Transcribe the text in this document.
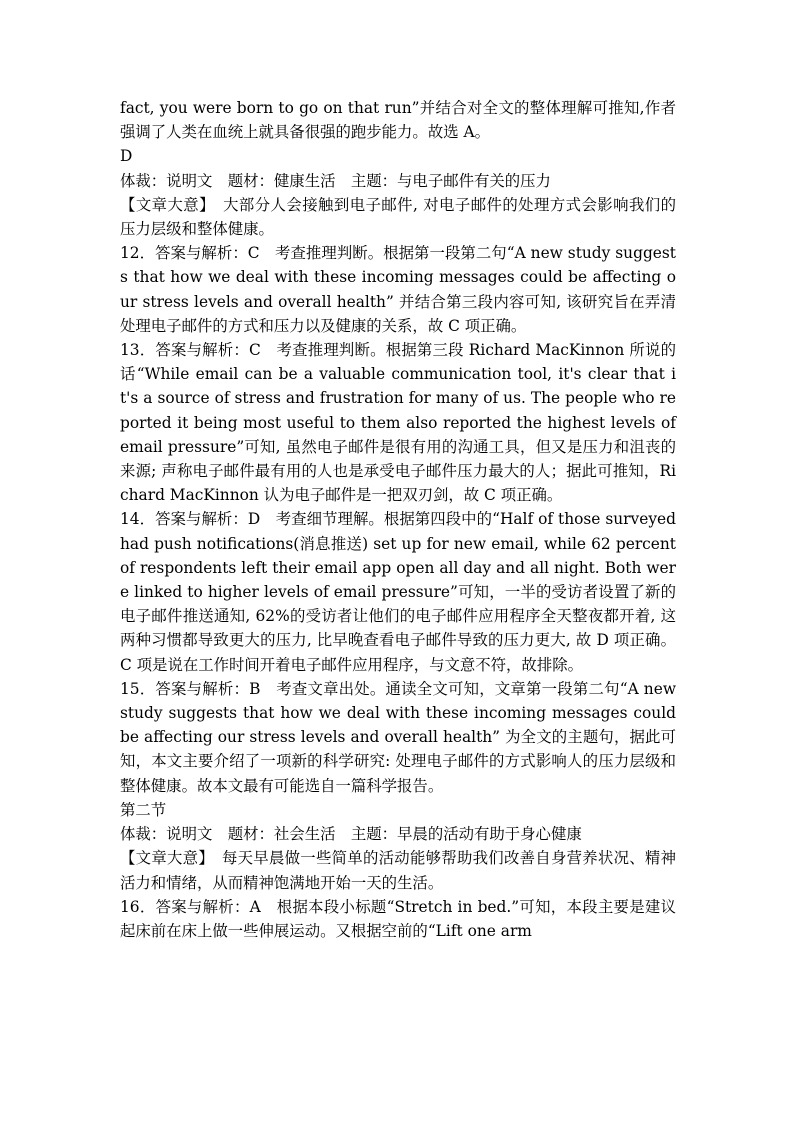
fact, you were born to go on that run”并结合对全文的整体理解可推知,作者强调了人类在血统上就具备很强的跑步能力。故选 A。

D

体裁：说明文　题材：健康生活　主题：与电子邮件有关的压力

【文章大意】　大部分人会接触到电子邮件, 对电子邮件的处理方式会影响我们的压力层级和整体健康。

12．答案与解析：C　考查推理判断。根据第一段第二句“A new study suggests that how we deal with these incoming messages could be affecting our stress levels and overall health” 并结合第三段内容可知, 该研究旨在弄清处理电子邮件的方式和压力以及健康的关系，故 C 项正确。

13．答案与解析：C　考查推理判断。根据第三段 Richard MacKinnon 所说的话“While email can be a valuable communication tool, it's clear that it's a source of stress and frustration for many of us. The people who reported it being most useful to them also reported the highest levels of email pressure”可知, 虽然电子邮件是很有用的沟通工具，但又是压力和沮丧的来源; 声称电子邮件最有用的人也是承受电子邮件压力最大的人；据此可推知，Richard MacKinnon 认为电子邮件是一把双刃剑，故 C 项正确。

14．答案与解析：D　考查细节理解。根据第四段中的“Half of those surveyed had push notifications(消息推送) set up for new email, while 62 percent of respondents left their email app open all day and all night. Both were linked to higher levels of email pressure”可知，一半的受访者设置了新的电子邮件推送通知, 62%的受访者让他们的电子邮件应用程序全天整夜都开着, 这两种习惯都导致更大的压力, 比早晚查看电子邮件导致的压力更大, 故 D 项正确。C 项是说在工作时间开着电子邮件应用程序，与文意不符，故排除。

15．答案与解析：B　考查文章出处。通读全文可知，文章第一段第二句“A new study suggests that how we deal with these incoming messages could be affecting our stress levels and overall health” 为全文的主题句，据此可知，本文主要介绍了一项新的科学研究: 处理电子邮件的方式影响人的压力层级和整体健康。故本文最有可能选自一篇科学报告。

第二节

体裁：说明文　题材：社会生活　主题：早晨的活动有助于身心健康

【文章大意】　每天早晨做一些简单的活动能够帮助我们改善自身营养状况、精神活力和情绪，从而精神饱满地开始一天的生活。

16．答案与解析：A　根据本段小标题“Stretch in bed.”可知，本段主要是建议起床前在床上做一些伸展运动。又根据空前的“Lift one arm
